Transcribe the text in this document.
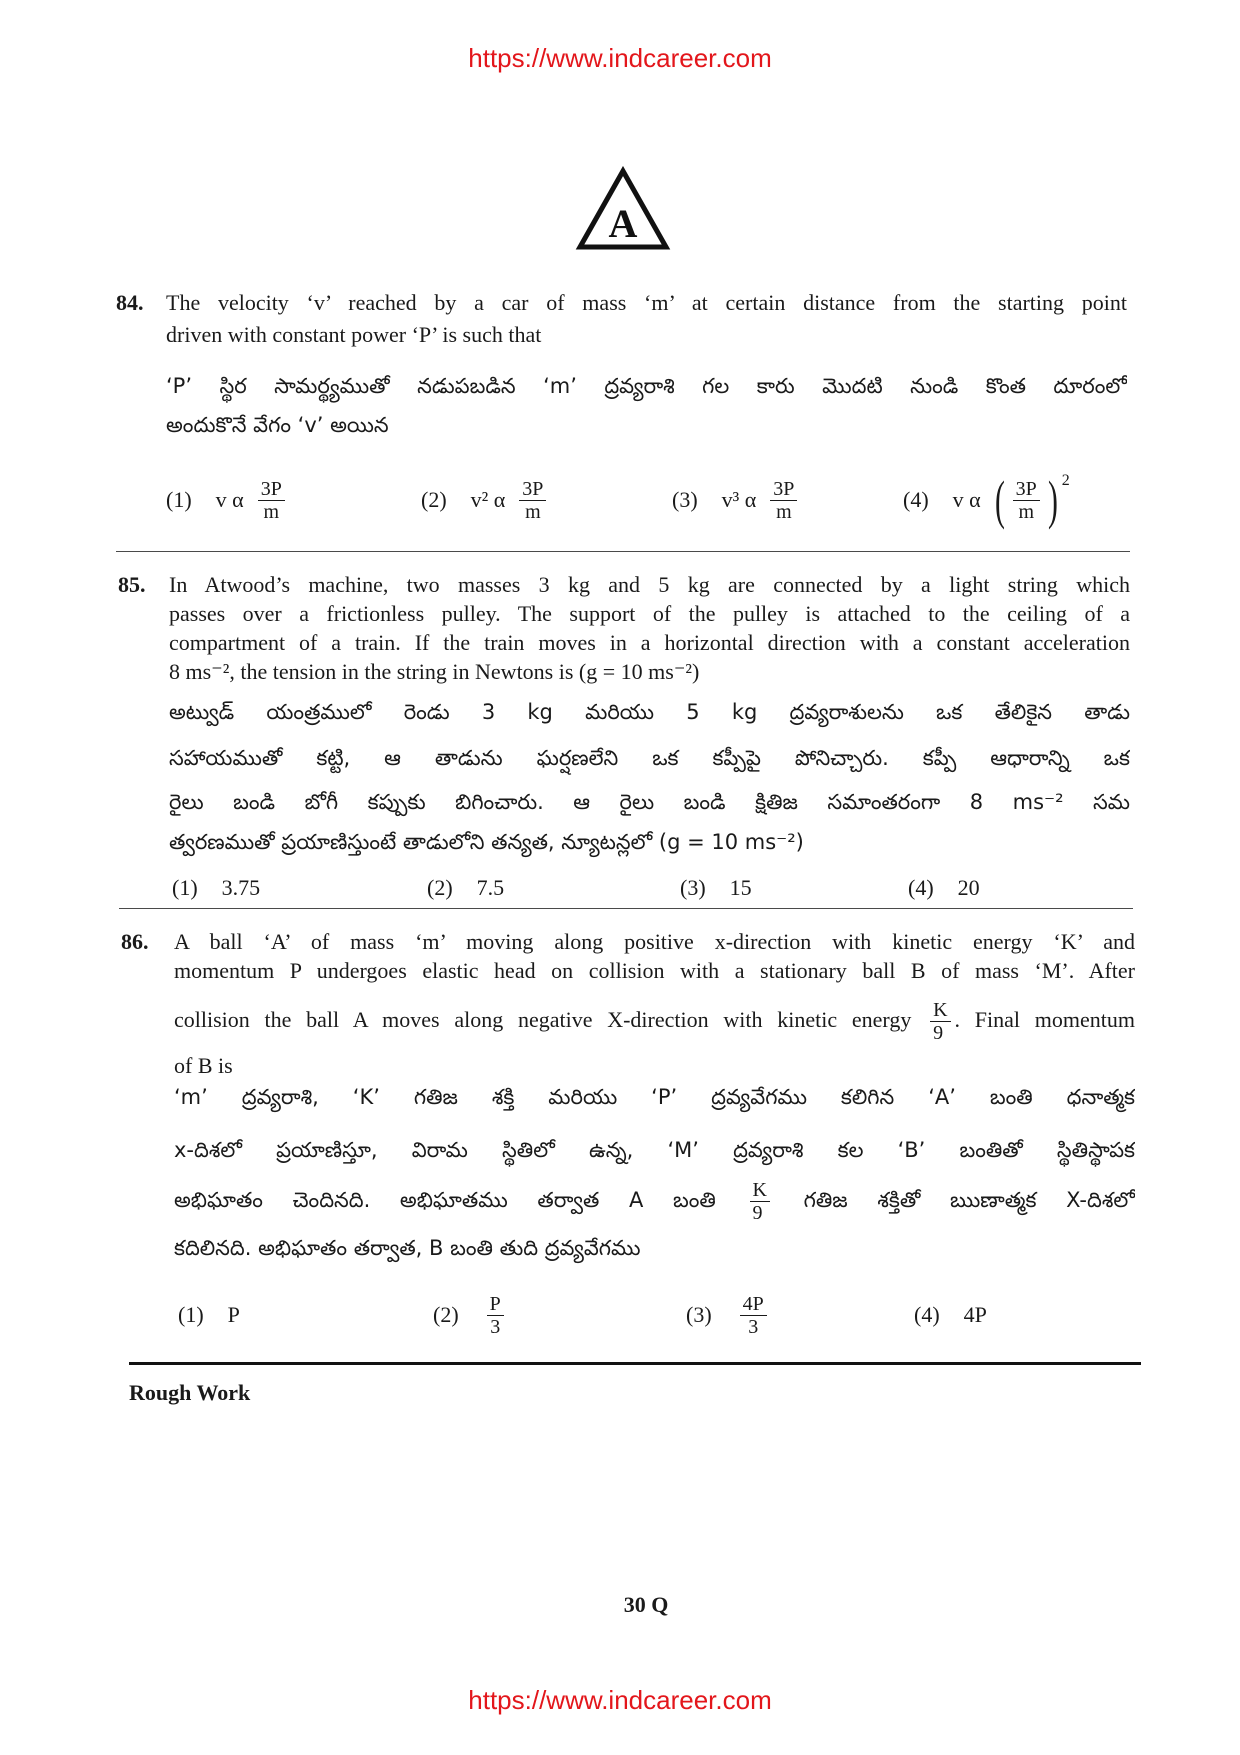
https://www.indcareer.com
A
84. The velocity ‘v’ reached by a car of mass ‘m’ at certain distance from the starting point
driven with constant power ‘P’ is such that
‘P’ స్థిర సామర్థ్యముతో నడుపబడిన ‘m’ ద్రవ్యరాశి గల కారు మొదటి నుండి కొంత దూరంలో
అందుకొనే వేగం ‘v’ అయిన
(1) v α $\frac{3P}{m}$	(2) v² α $\frac{3P}{m}$	(3) v³ α $\frac{3P}{m}$	(4) v α ( $\frac{3P}{m}$ ) 2
85. In Atwood’s machine, two masses 3 kg and 5 kg are connected by a light string which
passes over a frictionless pulley. The support of the pulley is attached to the ceiling of a
compartment of a train. If the train moves in a horizontal direction with a constant acceleration
8 ms⁻², the tension in the string in Newtons is (g = 10 ms⁻²)
అట్వుడ్ యంత్రములో రెండు 3 kg మరియు 5 kg ద్రవ్యరాశులను ఒక తేలికైన తాడు
సహాయముతో కట్టి, ఆ తాడును ఘర్షణలేని ఒక కప్పీపై పోనిచ్చారు. కప్పీ ఆధారాన్ని ఒక
రైలు బండి బోగీ కప్పుకు బిగించారు. ఆ రైలు బండి క్షితిజ సమాంతరంగా 8 ms⁻² సమ
త్వరణముతో ప్రయాణిస్తుంటే తాడులోని తన్యత, న్యూటన్లలో (g = 10 ms⁻²)
(1) 3.75	(2) 7.5	(3) 15	(4) 20
86. A ball ‘A’ of mass ‘m’ moving along positive x-direction with kinetic energy ‘K’ and
momentum P undergoes elastic head on collision with a stationary ball B of mass ‘M’. After
collision the ball A moves along negative X-direction with kinetic energy $\frac{K}{9}$ . Final momentum
of B is
‘m’ ద్రవ్యరాశి, ‘K’ గతిజ శక్తి మరియు ‘P’ ద్రవ్యవేగము కలిగిన ‘A’ బంతి ధనాత్మక
x-దిశలో ప్రయాణిస్తూ, విరామ స్థితిలో ఉన్న, ‘M’ ద్రవ్యరాశి కల ‘B’ బంతితో స్థితిస్థాపక
అభిఘాతం చెందినది. అభిఘాతము తర్వాత A బంతి $\frac{K}{9}$ గతిజ శక్తితో ఋణాత్మక X-దిశలో
కదిలినది. అభిఘాతం తర్వాత, B బంతి తుది ద్రవ్యవేగము
(1) P	$(2) \frac{P}{3}$	$(3) \frac{4P}{3}$	(4) 4P
Rough Work
30 Q
https://www.indcareer.com
